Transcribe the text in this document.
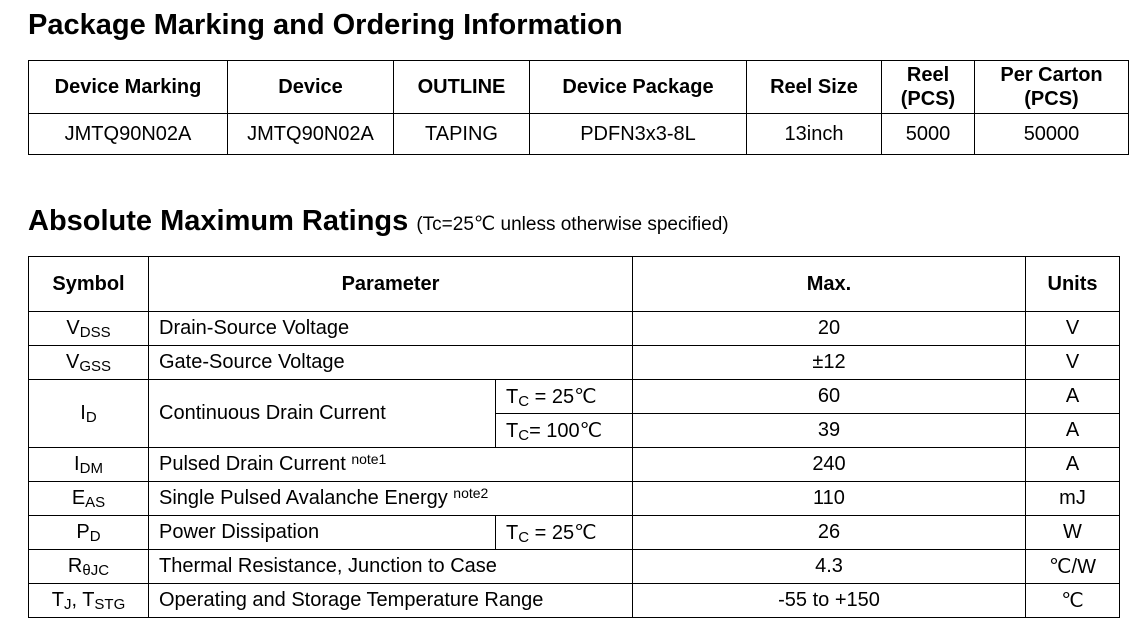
Package Marking and Ordering Information
Device Marking	Device	OUTLINE	Device Package	Reel Size	Reel (PCS)	Per Carton (PCS)
JMTQ90N02A	JMTQ90N02A	TAPING	PDFN3x3-8L	13inch	5000	50000
Absolute Maximum Ratings (Tc=25℃ unless otherwise specified)
Symbol	Parameter		Max.	Units
$V_{DSS}$	Drain-Source Voltage		20	V
$V_{GSS}$	Gate-Source Voltage		±12	V
$I_D$	Continuous Drain Current	$T_C$ = 25℃	60	A
		$T_C=$ 100℃	39	A
$I_{DM}$	Pulsed Drain Current $^{note1}$		240	A
$E_{AS}$	Single Pulsed Avalanche Energy $^{note2}$		110	mJ
$P_D$	Power Dissipation	$T_C$ = 25℃	26	W
$R_{\theta JC}$	Thermal Resistance, Junction to Case		4.3	℃/W
$T_J$, $T_{STG}$	Operating and Storage Temperature Range		-55 to +150	℃
